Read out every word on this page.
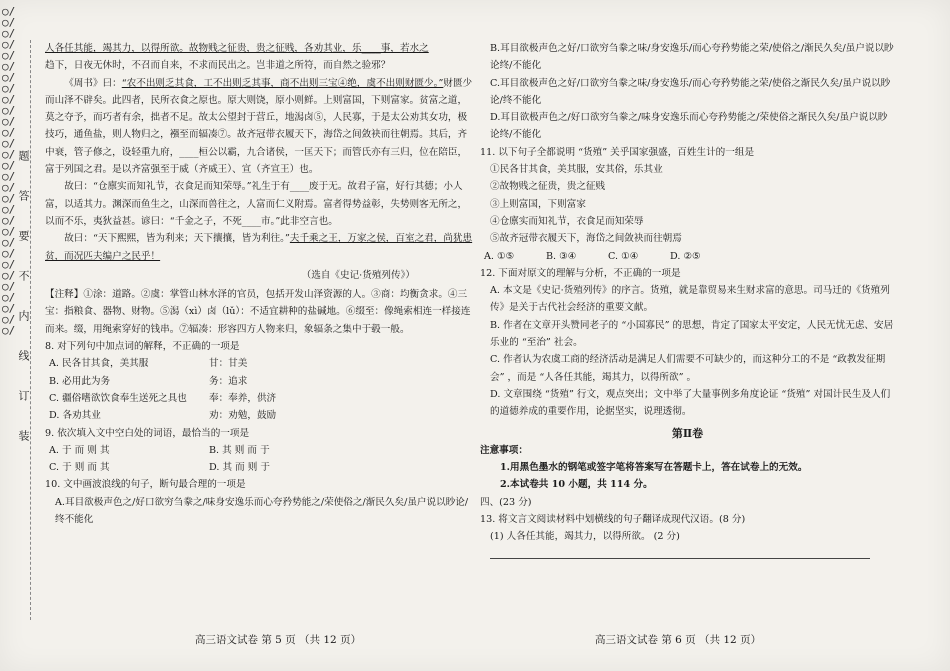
○/○/○/○/○/○/○/○/○/○/○/○/○/○/○/○/○/○/○/○/○/○/○/○/○/○/○/○/○/○/
题
答
要
不
内
线
订
装

人各任其能，竭其力，以得所欲。故物贱之征贵，贵之征贱，各劝其业，乐____事，若水之

趋下，日夜无休时，不召而自来，不求而民出之。岂非道之所符，而自然之验邪？

《周书》曰：“农不出则乏其食，工不出则乏其事，商不出则三宝④绝，虞不出则财匮少。”财匮少而山泽不辟矣。此四者，民所衣食之原也。原大则饶，原小则鲜。上则富国，下则富家。贫富之道，莫之夺予，而巧者有余，拙者不足。故太公望封于营丘，地潟卤⑤，人民寡，于是太公劝其女功，极技巧，通鱼盐，则人物归之，襁至而辐凑⑦。故齐冠带衣履天下，海岱之间敛袂而往朝焉。其后，齐中衰，管子修之，设轻重九府，____桓公以霸，九合诸侯，一匡天下；而管氏亦有三归，位在陪臣，富于列国之君。是以齐富强至于威（齐威王）、宣（齐宣王）也。

故曰：“仓廪实而知礼节，衣食足而知荣辱。”礼生于有____废于无。故君子富，好行其德；小人富，以适其力。渊深而鱼生之，山深而兽往之，人富而仁义附焉。富者得势益彰，失势则客无所之，以而不乐，夷狄益甚。谚曰：“千金之子，不死____市。”此非空言也。

故曰：“天下熙熙，皆为利来；天下攘攘，皆为利往。”夫千乘之王，万家之侯，百室之君，尚犹患贫，而况匹夫编户之民乎！

（选自《史记·货殖列传》）

【注释】①涂：道路。②虞：掌管山林水泽的官员，包括开发山泽资源的人。③商：均衡贪求。④三宝：指粮食、器物、财物。⑤潟（xì）卤（lǔ）：不适宜耕种的盐碱地。⑥缀至：像绳索相连一样接连而来。缀，用绳索穿好的钱串。⑦辐凑：形容四方人物来归，象辐条之集中于毂一般。

8. 对下列句中加点词的解释，不正确的一项是

A. 民各甘其食，美其服	甘：甘美
B. 必用此为务	务：追求
C. 疆俗嗜欲饮食奉生送死之具也	奉：奉养，供济
D. 各劝其业	劝：劝勉，鼓励

9. 依次填入文中空白处的词语，最恰当的一项是

A. 于 而 则 其	B. 其 则 而 于
C. 于 则 而 其	D. 其 而 则 于

10. 文中画波浪线的句子，断句最合理的一项是

A.耳目欲极声色之/好口欲穷刍豢之/味身安逸乐而心夸矜势能之/荣使俗之/渐民久矣/虽户说以眇论/终不能化

B.耳目欲极声色之好/口欲穷刍豢之味/身安逸乐/而心夸矜势能之荣/使俗之/渐民久矣/虽户说以眇论终/不能化

C.耳目欲极声色之好/口欲穷刍豢之味/身安逸乐/而心夸矜势能之荣/使俗之渐民久矣/虽户说以眇论/终不能化

D.耳目欲极声色之/好口欲穷刍豢之/味身安逸乐而心夸矜势能之/荣使俗之渐民久矣/虽户说以眇论终/不能化

11. 以下句子全都说明 “货殖” 关乎国家强盛，百姓生计的一组是

①民各甘其食，美其服，安其俗，乐其业

②故物贱之征贵，贵之征贱

③上则富国，下则富家

④仓廪实而知礼节，衣食足而知荣辱

⑤故齐冠带衣履天下，海岱之间敛袂而往朝焉

A. ①⑤	B. ③④	C. ①④	D. ②⑤

12. 下面对原文的理解与分析，不正确的一项是

A. 本文是《史记·货殖列传》的序言。货殖，就是靠贸易来生财求富的意思。司马迁的《货殖列传》是关于古代社会经济的重要文献。

B. 作者在文章开头赞同老子的 “小国寡民” 的思想，肯定了国家太平安定，人民无忧无虑、安居乐业的 “至治” 社会。

C. 作者认为农虞工商的经济活动是满足人们需要不可缺少的，而这种分工的不是 “政教发征期会” ，而是 “人各任其能，竭其力，以得所欲” 。

D. 文章围绕 “货殖” 行文，观点突出；文中举了大量事例多角度论证 “货殖” 对国计民生及人们的道德养成的重要作用，论据坚实，说理透彻。

第Ⅱ卷

注意事项：

1.用黑色墨水的钢笔或签字笔将答案写在答题卡上，答在试卷上的无效。

2.本试卷共 10 小题，共 114 分。

四、(23 分)

13. 将文言文阅读材料中划横线的句子翻译成现代汉语。(8 分)

(1) 人各任其能，竭其力，以得所欲。 (2 分)

高三语文试卷 第 5 页 （共 12 页）	高三语文试卷 第 6 页 （共 12 页）
